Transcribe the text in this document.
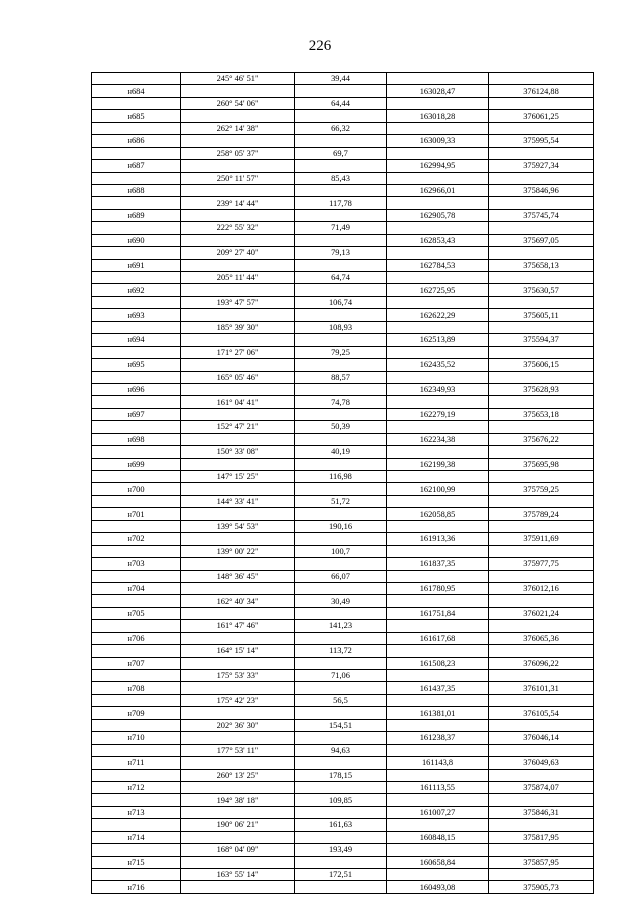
226
	245° 46' 51"	39,44		
н684			163028,47	376124,88
	260° 54' 06"	64,44		
н685			163018,28	376061,25
	262° 14' 38"	66,32		
н686			163009,33	375995,54
	258° 05' 37"	69,7		
н687			162994,95	375927,34
	250° 11' 57"	85,43		
н688			162966,01	375846,96
	239° 14' 44"	117,78		
н689			162905,78	375745,74
	222° 55' 32"	71,49		
н690			162853,43	375697,05
	209° 27' 40"	79,13		
н691			162784,53	375658,13
	205° 11' 44"	64,74		
н692			162725,95	375630,57
	193° 47' 57"	106,74		
н693			162622,29	375605,11
	185° 39' 30"	108,93		
н694			162513,89	375594,37
	171° 27' 06"	79,25		
н695			162435,52	375606,15
	165° 05' 46"	88,57		
н696			162349,93	375628,93
	161° 04' 41"	74,78		
н697			162279,19	375653,18
	152° 47' 21"	50,39		
н698			162234,38	375676,22
	150° 33' 08"	40,19		
н699			162199,38	375695,98
	147° 15' 25"	116,98		
н700			162100,99	375759,25
	144° 33' 41"	51,72		
н701			162058,85	375789,24
	139° 54' 53"	190,16		
н702			161913,36	375911,69
	139° 00' 22"	100,7		
н703			161837,35	375977,75
	148° 36' 45"	66,07		
н704			161780,95	376012,16
	162° 40' 34"	30,49		
н705			161751,84	376021,24
	161° 47' 46"	141,23		
н706			161617,68	376065,36
	164° 15' 14"	113,72		
н707			161508,23	376096,22
	175° 53' 33"	71,06		
н708			161437,35	376101,31
	175° 42' 23"	56,5		
н709			161381,01	376105,54
	202° 36' 30"	154,51		
н710			161238,37	376046,14
	177° 53' 11"	94,63		
н711			161143,8	376049,63
	260° 13' 25"	178,15		
н712			161113,55	375874,07
	194° 38' 18"	109,85		
н713			161007,27	375846,31
	190° 06' 21"	161,63		
н714			160848,15	375817,95
	168° 04' 09"	193,49		
н715			160658,84	375857,95
	163° 55' 14"	172,51		
н716			160493,08	375905,73
